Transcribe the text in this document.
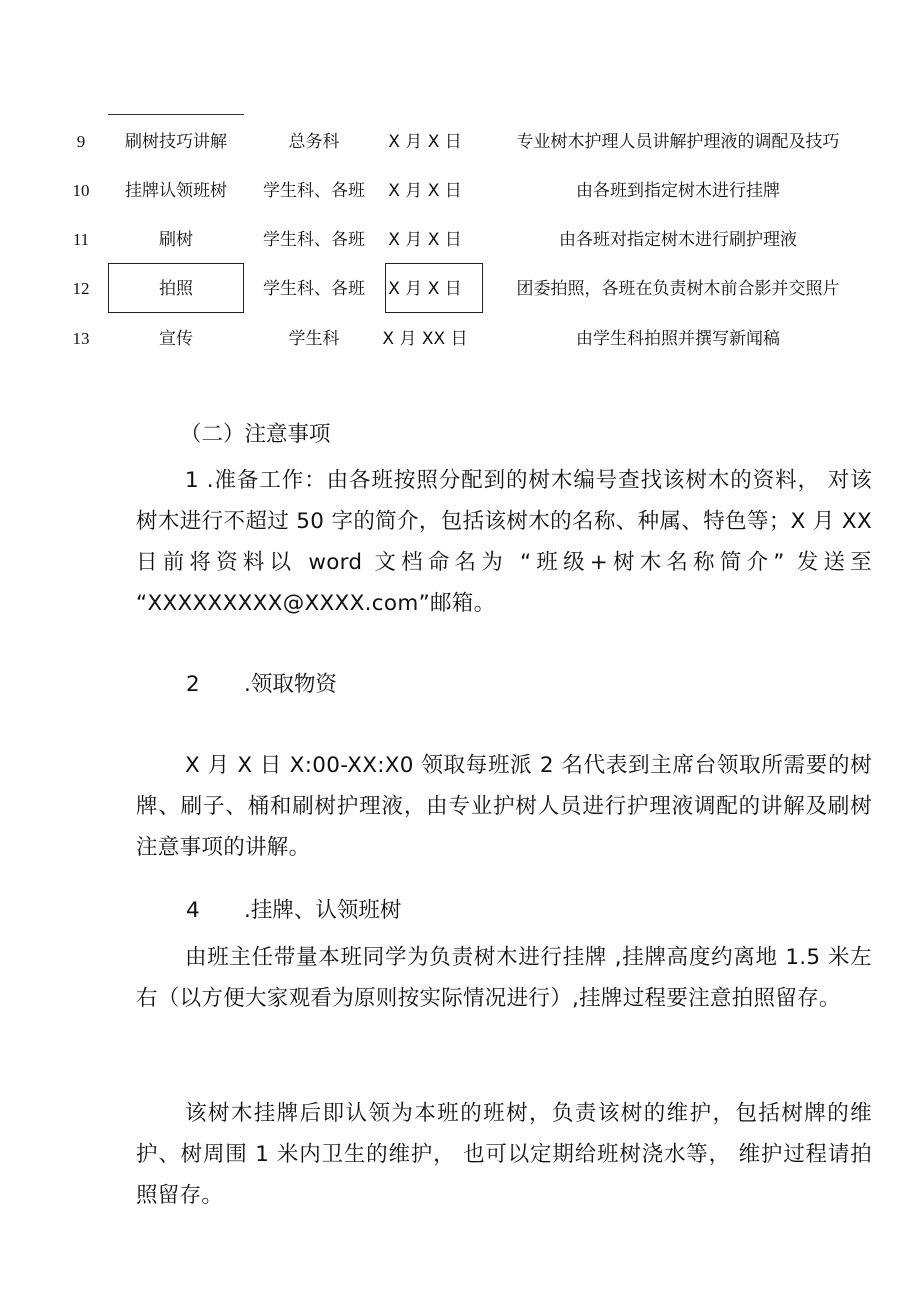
9	刷树技巧讲解	总务科	X 月 X 日	专业树木护理人员讲解护理液的调配及技巧
10	挂牌认领班树	学生科、各班	X 月 X 日	由各班到指定树木进行挂牌
11	刷树	学生科、各班	X 月 X 日	由各班对指定树木进行刷护理液
12	拍照	学生科、各班	X 月 X 日	团委拍照，各班在负责树木前合影并交照片
13	宣传	学生科	X 月 XX 日	由学生科拍照并撰写新闻稿
（二）注意事项
1 .准备工作：由各班按照分配到的树木编号查找该树木的资料， 对该树木进行不超过 50 字的简介，包括该树木的名称、种属、特色等；X 月 XX 日前将资料以 word 文档命名为 “班级+树木名称简介” 发送至 “XXXXXXXXX@XXXX.com”邮箱。
2 .领取物资
X 月 X 日 X:00-XX:X0 领取每班派 2 名代表到主席台领取所需要的树牌、刷子、桶和刷树护理液，由专业护树人员进行护理液调配的讲解及刷树注意事项的讲解。
4 .挂牌、认领班树
由班主任带量本班同学为负责树木进行挂牌 ,挂牌高度约离地 1.5 米左右（以方便大家观看为原则按实际情况进行）,挂牌过程要注意拍照留存。
该树木挂牌后即认领为本班的班树，负责该树的维护，包括树牌的维护、树周围 1 米内卫生的维护， 也可以定期给班树浇水等， 维护过程请拍照留存。
